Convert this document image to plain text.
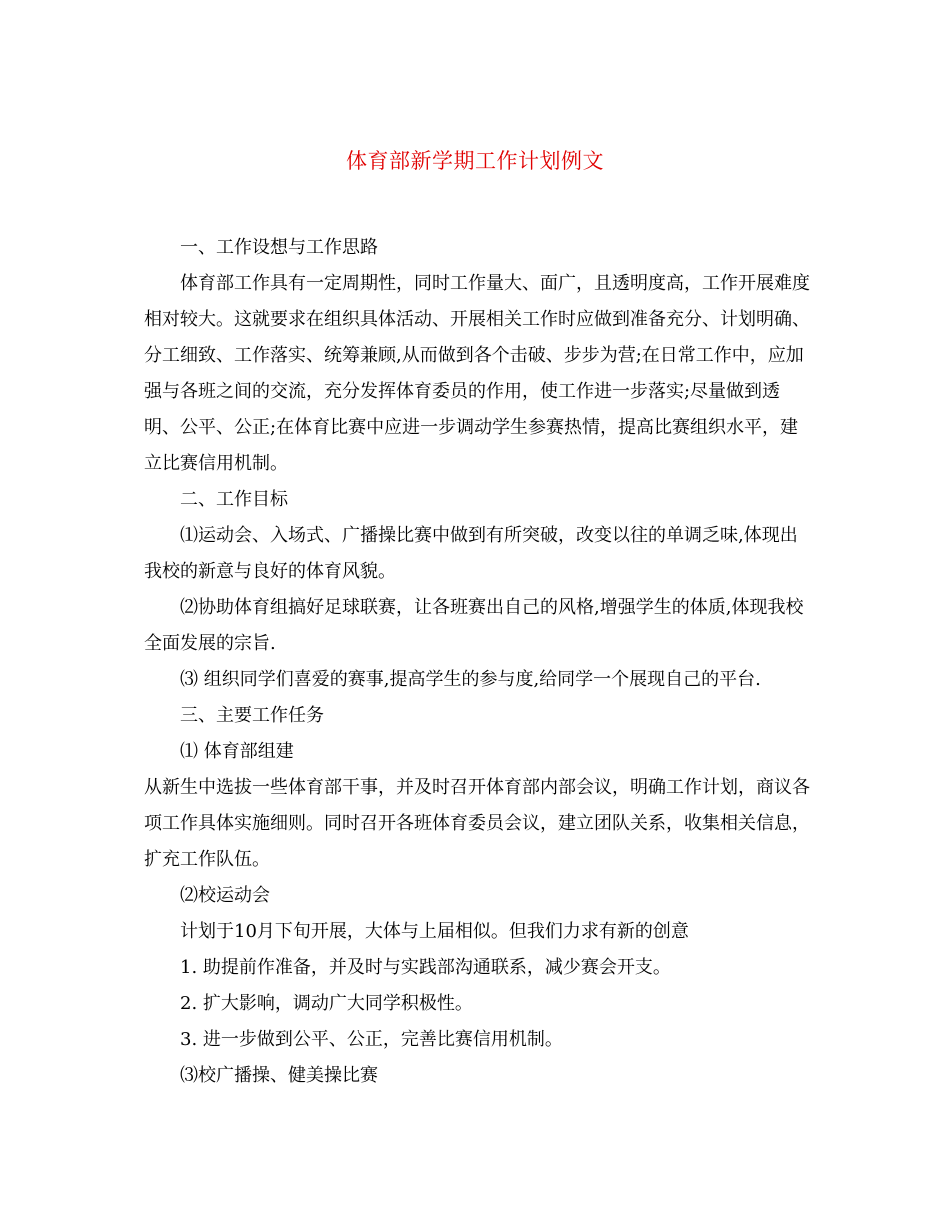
体育部新学期工作计划例文

一、工作设想与工作思路

体育部工作具有一定周期性，同时工作量大、面广，且透明度高，工作开展难度相对较大。这就要求在组织具体活动、开展相关工作时应做到准备充分、计划明确、分工细致、工作落实、统筹兼顾,从而做到各个击破、步步为营;在日常工作中，应加强与各班之间的交流，充分发挥体育委员的作用，使工作进一步落实;尽量做到透明、公平、公正;在体育比赛中应进一步调动学生参赛热情，提高比赛组织水平，建立比赛信用机制。

二、工作目标

⑴运动会、入场式、广播操比赛中做到有所突破，改变以往的单调乏味,体现出我校的新意与良好的体育风貌。

⑵协助体育组搞好足球联赛，让各班赛出自己的风格,增强学生的体质,体现我校全面发展的宗旨.

⑶ 组织同学们喜爱的赛事,提高学生的参与度,给同学一个展现自己的平台.

三、主要工作任务

⑴ 体育部组建

从新生中选拔一些体育部干事，并及时召开体育部内部会议，明确工作计划，商议各项工作具体实施细则。同时召开各班体育委员会议，建立团队关系，收集相关信息，扩充工作队伍。

⑵校运动会

计划于10月下旬开展，大体与上届相似。但我们力求有新的创意

1. 助提前作准备，并及时与实践部沟通联系，减少赛会开支。

2. 扩大影响，调动广大同学积极性。

3. 进一步做到公平、公正，完善比赛信用机制。

⑶校广播操、健美操比赛
